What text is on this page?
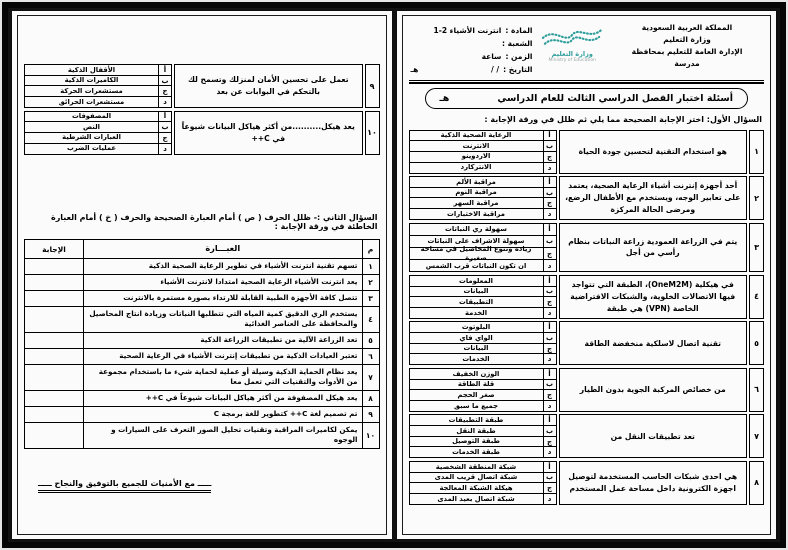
المملكة العربية السعودية
وزارة التعليم
الإدارة العامة للتعليم بمحافظة
مدرسة
وزارة التعليم
Ministry of Education
المادة :
انترنت الأشياء 2-1
الشعبة :
الزمن :
ساعة
التاريخ :
/ /
هـ
أسئلة اختبار الفصل الدراسي الثالث للعام الدراسي
هـ
السؤال الأول: اختر الإجابة الصحيحة مما يلي ثم ظلل في ورقة الإجابة :
١
هو استخدام التقنية لتحسين جودة الحياة
أ
الرعاية الصحية الذكية
ب
الانترنت
ج
الاردوينو
د
الانتركارد
٢
أحد أجهزة إنترنت أشياء الرعاية الصحية، يعتمد على تعابير الوجه، ويستخدم مع الأطفال الرضع، ومرضى الحالة المركزة
أ
مراقبة الألم
ب
مراقبة النوم
ج
مراقبة السهر
د
مراقبة الاختبارات
٣
يتم في الزراعة العمودية زراعة النباتات بنظام رأسي من أجل
أ
سهولة ري النباتات
ب
سهولة الاشراف على النباتات
ج
زيادة وتنوع المحاصيل في مساحة صغيرة
د
ان تكون النباتات قرب الشمس
٤
في هيكلية (OneM2M)، الطبقة التي تتواجد فيها الاتصالات الخلوية، والشبكات الافتراضية الخاصة (VPN) هي طبقة
أ
المعلومات
ب
البيانات
ج
التطبيقات
د
الخدمة
٥
تقنية اتصال لاسلكية منخفضة الطاقة
أ
البلوتوث
ب
الواي فاي
ج
البيانات
د
الخدمات
٦
من خصائص المركبة الجوية بدون الطيار
أ
الوزن الخفيف
ب
قلة الطاقة
ج
صغر الحجم
د
جميع ما سبق
٧
تعد تطبيقات النقل من
أ
طبقة التطبيقات
ب
طبقة النقل
ج
طبقة التوصيل
د
طبقة الخدمات
٨
هي احدى شبكات الحاسب المستخدمة لتوصيل اجهزة الكترونية داخل مساحة عمل المستخدم
أ
شبكة المنطقة الشخصية
ب
شبكة اتصال قريب المدى
ج
هيكلة الشبكة المعالجة
د
شبكة اتصال بعيد المدى
٩
تعمل على تحسين الأمان لمنزلك وتسمح لك بالتحكم في البوابات عن بعد
أ
الأقفال الذكية
ب
الكاميرات الذكية
ج
مستشعرات الحركة
د
مستشعرات الحرائق
١٠
يعد هيكل..........من أكثر هياكل البيانات شيوعاً في C++
أ
المصفوفات
ب
النص
ج
العبارات الشرطية
د
عمليات الضرب
السؤال الثاني :- ظلل الحرف ( ص ) أمام العبارة الصحيحة والحرف ( خ ) أمام العبارة الخاطئة في ورقة الإجابة :
م
العبـــارة
الإجابة
١
تسهم تقنية انترنت الأشياء في تطوير الرعاية الصحية الذكية
٢
يعد انترنت الأشياء الرعاية الصحية امتدادا لانترنت الأشياء
٣
تتصل كافة الأجهزة الطبية القابلة للارتداء بصورة مستمرة بالانترنت
٤
يستخدم الري الدقيق كمية المياه التي تتطلبها النباتات وزيادة انتاج المحاصيل والمحافظة على العناصر الغذائية
٥
تعد الزراعة الآلية من تطبيقات الزراعة الذكية
٦
تعتبر العيادات الذكية من تطبيقات إنترنت الأشياء في الرعاية الصحية
٧
يعد نظام الحماية الذكية وسيلة أو عملية لحماية شيء ما باستخدام مجموعة من الأدوات والتقنيات التي تعمل معا
٨
يعد هيكل المصفوفة من أكثر هياكل البيانات شيوعاً في C++
٩
تم تصميم لغة C++ كتطوير للغة برمجة C
١٠
يمكن لكاميرات المراقبة وتقنيات تحليل الصور التعرف على السيارات و الوجوه
ـــــ مع الأمنيات للجميع بالتوفيق والنجاح ـــــ
